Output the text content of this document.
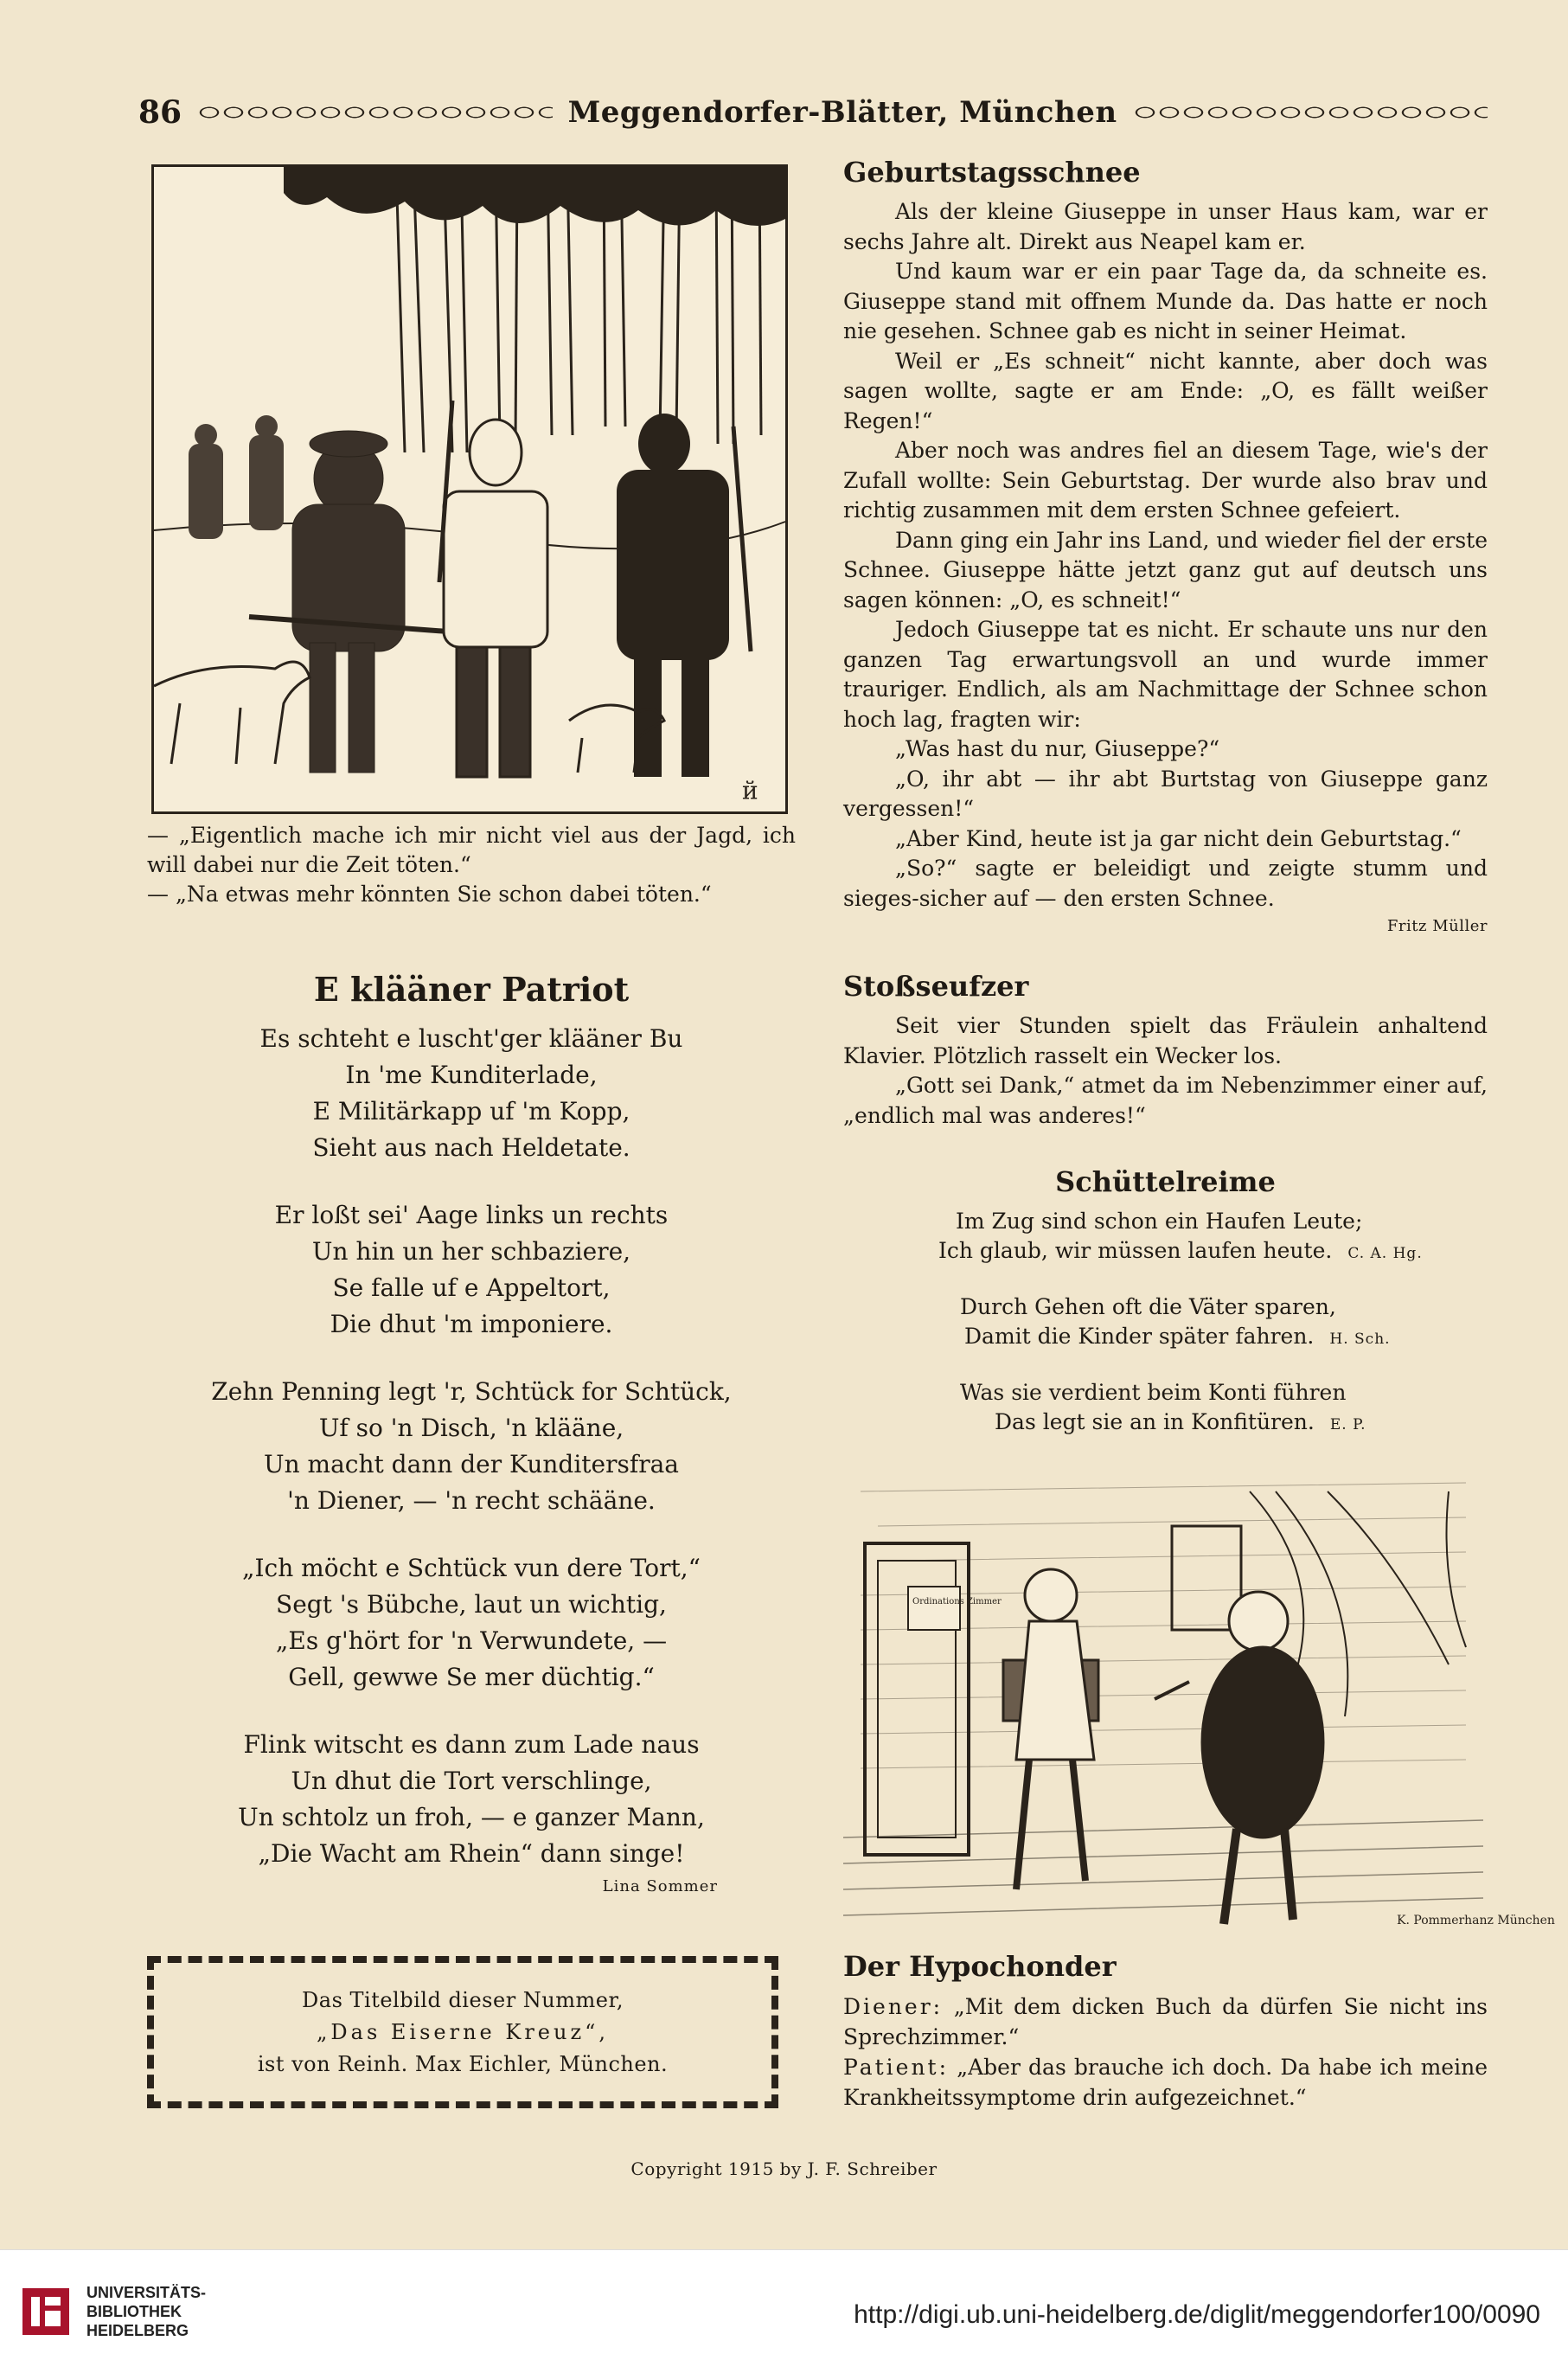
86	Meggendorfer-Blätter, München
й

— „Eigentlich mache ich mir nicht viel aus der Jagd, ich will dabei nur die Zeit töten.“

— „Na etwas mehr könnten Sie schon dabei töten.“

E klääner Patriot
Es schteht e luscht'ger klääner Bu
In 'me Kunditerlade,
E Militärkapp uf 'm Kopp,
Sieht aus nach Heldetate.
Er loßt sei' Aage links un rechts
Un hin un her schbaziere,
Se falle uf e Appeltort,
Die dhut 'm imponiere.
Zehn Penning legt 'r, Schtück for Schtück,
Uf so 'n Disch, 'n klääne,
Un macht dann der Kunditersfraa
'n Diener, — 'n recht schääne.
„Ich möcht e Schtück vun dere Tort,“
Segt 's Bübche, laut un wichtig,
„Es g'hört for 'n Verwundete, —
Gell, gewwe Se mer düchtig.“
Flink witscht es dann zum Lade naus
Un dhut die Tort verschlinge,
Un schtolz un froh, — e ganzer Mann,
„Die Wacht am Rhein“ dann singe!
Lina Sommer
Das Titelbild dieser Nummer,
„Das Eiserne Kreuz“,
ist von Reinh. Max Eichler, München.
Geburtstagsschnee

Als der kleine Giuseppe in unser Haus kam, war er sechs Jahre alt. Direkt aus Neapel kam er.

Und kaum war er ein paar Tage da, da schneite es. Giuseppe stand mit offnem Munde da. Das hatte er noch nie gesehen. Schnee gab es nicht in seiner Heimat.

Weil er „Es schneit“ nicht kannte, aber doch was sagen wollte, sagte er am Ende: „O, es fällt weißer Regen!“

Aber noch was andres fiel an diesem Tage, wie's der Zufall wollte: Sein Geburtstag. Der wurde also brav und richtig zusammen mit dem ersten Schnee gefeiert.

Dann ging ein Jahr ins Land, und wieder fiel der erste Schnee. Giuseppe hätte jetzt ganz gut auf deutsch uns sagen können: „O, es schneit!“

Jedoch Giuseppe tat es nicht. Er schaute uns nur den ganzen Tag erwartungsvoll an und wurde immer trauriger. Endlich, als am Nachmittage der Schnee schon hoch lag, fragten wir:

„Was hast du nur, Giuseppe?“

„O, ihr abt — ihr abt Burtstag von Giuseppe ganz vergessen!“

„Aber Kind, heute ist ja gar nicht dein Geburtstag.“

„So?“ sagte er beleidigt und zeigte stumm und sieges-sicher auf — den ersten Schnee.

Fritz Müller
Stoßseufzer

Seit vier Stunden spielt das Fräulein anhaltend Klavier. Plötzlich rasselt ein Wecker los.

„Gott sei Dank,“ atmet da im Nebenzimmer einer auf, „endlich mal was anderes!“

Schüttelreime
Im Zug sind schon ein Haufen Leute;
Ich glaub, wir müssen laufen heute. C. A. Hg.
Durch Gehen oft die Väter sparen,
Damit die Kinder später fahren. H. Sch.
Was sie verdient beim Konti führen
Das legt sie an in Konfitüren. E. P.
Ordinations Zimmer
K. Pommerhanz München
Der Hypochonder

Diener: „Mit dem dicken Buch da dürfen Sie nicht ins Sprechzimmer.“

Patient: „Aber das brauche ich doch. Da habe ich meine Krankheitssymptome drin aufgezeichnet.“

Copyright 1915 by J. F. Schreiber
UNIVERSITÄTS-
BIBLIOTHEK
HEIDELBERG
http://digi.ub.uni-heidelberg.de/diglit/meggendorfer100/0090
